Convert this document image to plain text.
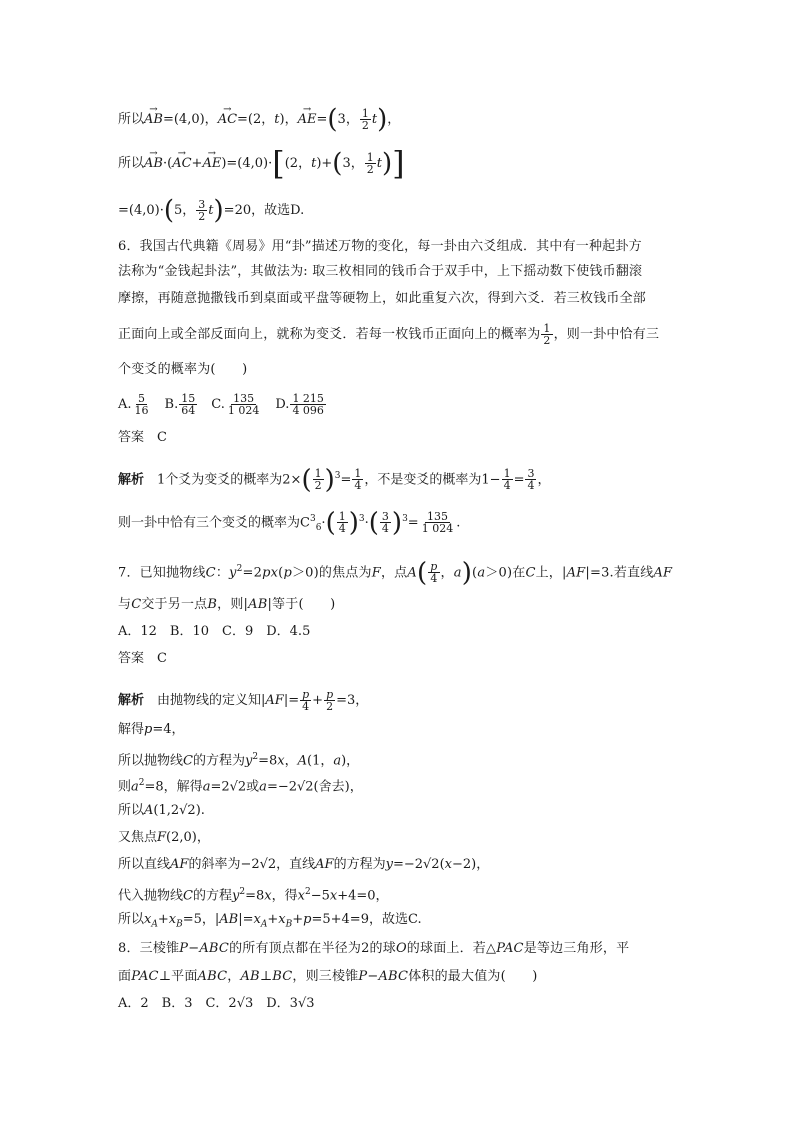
所以→ AB=(4,0)，→ AC=(2，t)，→ AE=(3， $\frac{1}{2} t$)，
所以→ AB·(→ AC+→ AE)=(4,0)·[(2，t)+(3， $\frac{1}{2} t$)]
=(4,0)·(5， $\frac{3}{2} t)=20$，故选D.
6．我国古代典籍《周易》用“卦”描述万物的变化，每一卦由六爻组成．其中有一种起卦方
法称为“金钱起卦法”，其做法为: 取三枚相同的钱币合于双手中，上下摇动数下使钱币翻滚
摩擦，再随意抛撒钱币到桌面或平盘等硬物上，如此重复六次，得到六爻．若三枚钱币全部
正面向上或全部反面向上，就称为变爻．若每一枚钱币正面向上的概率为 $\frac{1}{2}$ ，则一卦中恰有三
个变爻的概率为(　　)
A. $\frac{5}{16}$ 　B. $\frac{15}{64}$ 　C. $\frac{135}{1 024}$ 　D. $\frac{1 215}{4 096}$
答案　C
解析　1个爻为变爻的概率为$2\times( \frac{1}{2} )^3= \frac{1}{4}$ ，不是变爻的概率为$1- \frac{1}{4} = \frac{3}{4}$ ，
则一卦中恰有三个变爻的概率为$C^3_6\cdot( \frac{1}{4} )^3\cdot( \frac{3}{4} )^3= \frac{135}{1 024}$ .
7．已知抛物线C：$y^2=2px(p>0)$的焦点为F，点$A( \frac{p}{4}$ ，a)(a＞0)在C上，|AF|=3.若直线AF
与C交于另一点B，则|AB|等于(　　)
A．12　B．10　C．9　D．4.5
答案　C
解析　由抛物线的定义知$|AF|= \frac{p}{4} + \frac{p}{2} =3$，
解得p=4，
所以抛物线C的方程为$y^2=8x$，A(1，a)，
则$a^2=8$，解得a=2√2或a=−2√2(舍去)，
所以A(1,2√2).
又焦点F(2,0)，
所以直线AF的斜率为−2√2，直线AF的方程为y=−2√2(x−2)，
代入抛物线C的方程$y^2=8x$，得$x^2-5x+4=0$，
所以$x_A+x_B=5$，$|AB|=x_A+x_B+p=5+4=9$，故选C.
8．三棱锥P−ABC的所有顶点都在半径为2的球O的球面上．若△PAC是等边三角形，平
面PAC⊥平面ABC，AB⊥BC，则三棱锥P−ABC体积的最大值为(　　)
A．2　B．3　C．2√3　D．3√3
